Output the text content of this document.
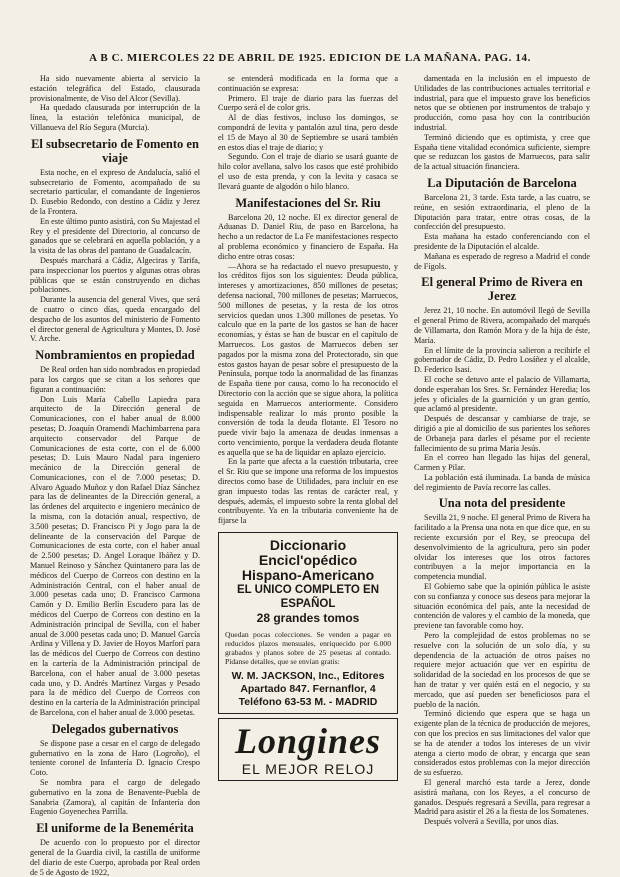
A B C. MIERCOLES 22 DE ABRIL DE 1925. EDICION DE LA MAÑANA. PAG. 14.

Ha sido nuevamente abierta al servicio la estación telegráfica del Estado, clausurada provisionalmente, de Viso del Alcor (Sevilla).

Ha quedado clausurada por interrupción de la línea, la estación telefónica municipal, de Villanueva del Río Segura (Murcia).

El subsecretario de Fomento en viaje

Esta noche, en el expreso de Andalucía, salió el subsecretario de Fomento, acompañado de su secretario particular, el comandante de Ingenieros D. Eusebio Redondo, con destino a Cádiz y Jerez de la Frontera.

En este último punto asistirá, con Su Majestad el Rey y el presidente del Directorio, al concurso de ganados que se celebrará en aquella población, y a la visita de las obras del pantano de Guadalcacín.

Después marchará a Cádiz, Algeciras y Tarifa, para inspeccionar los puertos y algunas otras obras públicas que se están construyendo en dichas poblaciones.

Durante la ausencia del general Vives, que será de cuatro o cinco días, queda encargado del despacho de los asuntos del ministerio de Fomento el director general de Agricultura y Montes, D. José V. Arche.

Nombramientos en propiedad

De Real orden han sido nombrados en propiedad para los cargos que se citan a los señores que figuran a continuación:

Don Luis María Cabello Lapiedra para arquitecto de la Dirección general de Comunicaciones, con el haber anual de 8.000 pesetas; D. Joaquín Oramendi Machimbarrena para arquitecto conservador del Parque de Comunicaciones de esta corte, con el de 6.000 pesetas; D. Luis Mauro Nadal para ingeniero mecánico de la Dirección general de Comunicaciones, con el de 7.000 pesetas; D. Alvaro Aguado Muñoz y don Rafael Díaz Sánchez para las de delineantes de la Dirección general, a las órdenes del arquitecto e ingeniero mecánico de la misma, con la dotación anual, respectivo, de 3.500 pesetas; D. Francisco Pi y Jogo para la de delineante de la conservación del Parque de Comunicaciones de esta corte, con el haber anual de 2.500 pesetas; D. Angel Loraque Ibáñez y D. Manuel Reinoso y Sánchez Quintanero para las de médicos del Cuerpo de Correos con destino en la Administración Central, con el haber anual de 3.000 pesetas cada uno; D. Francisco Carmona Camón y D. Emilio Berlín Escudero para las de médicos del Cuerpo de Correos con destino en la Administración principal de Sevilla, con el haber anual de 3.000 pesetas cada uno; D. Manuel García Ardina y Villena y D. Javier de Hoyos Marforí para las de médicos del Cuerpo de Correos con destino en la cartería de la Administración principal de Barcelona, con el haber anual de 3.000 pesetas cada uno, y D. Andrés Martínez Vargas y Pesado para la de médico del Cuerpo de Correos con destino en la cartería de la Administración principal de Barcelona, con el haber anual de 3.000 pesetas.

Delegados gubernativos

Se dispone pase a cesar en el cargo de delegado gubernativo en la zona de Haro (Logroño), el teniente coronel de Infantería D. Ignacio Crespo Coto.

Se nombra para el cargo de delegado gubernativo en la zona de Benavente-Puebla de Sanabria (Zamora), al capitán de Infantería don Eugenio Goyenechea Parrilla.

El uniforme de la Benemérita

De acuerdo con lo propuesto por el director general de la Guardia civil, la castilla de uniforme del diario de este Cuerpo, aprobada por Real orden de 5 de Agosto de 1922,

se entenderá modificada en la forma que a continuación se expresa:

Primero. El traje de diario para las fuerzas del Cuerpo será el de color gris.

Al de días festivos, incluso los domingos, se compondrá de levita y pantalón azul tina, pero desde el 15 de Mayo al 30 de Septiembre se usará también en estos días el traje de diario; y

Segundo. Con el traje de diario se usará guante de hilo color avellana, salvo los casos que esté prohibido el uso de esta prenda, y con la levita y casaca se llevará guante de algodón o hilo blanco.

Manifestaciones del Sr. Riu

Barcelona 20, 12 noche. El ex director general de Aduanas D. Daniel Riu, de paso en Barcelona, ha hecho a un redactor de La Fe manifestaciones respecto al problema económico y financiero de España. Ha dicho entre otras cosas:

—Ahora se ha redactado el nuevo presupuesto, y los créditos fijos son los siguientes: Deuda pública, intereses y amortizaciones, 850 millones de pesetas; defensa nacional, 700 millones de pesetas; Marruecos, 500 millones de pesetas, y la resta de los otros servicios quedan unos 1.300 millones de pesetas. Yo calculo que en la parte de los gastos se han de hacer economías, y éstas se han de buscar en el capítulo de Marruecos. Los gastos de Marruecos deben ser pagados por la misma zona del Protectorado, sin que estos gastos hayan de pesar sobre el presupuesto de la Península, porque todo la anormalidad de las finanzas de España tiene por causa, como lo ha reconocido el Directorio con la acción que se sigue ahora, la política seguida en Marruecos anteriormente. Considero indispensable realizar lo más pronto posible la conversión de toda la deuda flotante. El Tesoro no puede vivir bajo la amenaza de deudas inmensas a corto vencimiento, porque la verdadera deuda flotante es aquella que se ha de liquidar en aplazo ejercicio.

En la parte que afecta a la cuestión tributaria, cree el Sr. Riu que se impone una reforma de los impuestos directos como base de Utilidades, para incluir en ese gran impuesto todas las rentas de carácter real, y después, además, el impuesto sobre la renta global del contribuyente. Ya en la tributaria conveniente ha de fijarse la

Diccionario Encicl'opédico
Hispano-Americano
EL UNICO COMPLETO EN ESPAÑOL
28 grandes tomos
Quedan pocas colecciones. Se venden a pagar en reducidos plazos mensuales, enriquecido por 6.000 grabados y planos sobre de 25 pesetas al contado. Pídanse detalles, que se envían gratis:
W. M. JACKSON, Inc., Editores
Apartado 847. Fernanflor, 4
Teléfono 63-53 M. - MADRID
Longines
EL MEJOR RELOJ

damentada en la inclusión en el impuesto de Utilidades de las contribuciones actuales territorial e industrial, para que el impuesto grave los beneficios netos que se obtienen por instrumentos de trabajo y producción, como pasa hoy con la contribución industrial.

Terminó diciendo que es optimista, y cree que España tiene vitalidad económica suficiente, siempre que se reduzcan los gastos de Marruecos, para salir de la actual situación financiera.

La Diputación de Barcelona

Barcelona 21, 3 tarde. Esta tarde, a las cuatro, se reúne, en sesión extraordinaria, el pleno de la Diputación para tratar, entre otras cosas, de la confección del presupuesto.

Esta mañana ha estado conferenciando con el presidente de la Diputación el alcalde.

Mañana es esperado de regreso a Madrid el conde de Fígols.

El general Primo de Rivera en Jerez

Jerez 21, 10 noche. En automóvil llegó de Sevilla el general Primo de Rivera, acompañado del marqués de Villamarta, don Ramón Mora y de la hija de éste, María.

En el límite de la provincia salieron a recibirle el gobernador de Cádiz, D. Pedro Losáñez y el alcalde, D. Federico Isasi.

El coche se detuvo ante el palacio de Villamarta, donde esperaban los Sres. Sr. Fernández Heredia; los jefes y oficiales de la guarnición y un gran gentío, que aclamó al presidente.

Después de descansar y cambiarse de traje, se dirigió a pie al domicilio de sus parientes los señores de Orbaneja para darles el pésame por el reciente fallecimiento de su prima María Jesús.

En el correo han llegado las hijas del general, Carmen y Pilar.

La población está iluminada. La banda de música del regimiento de Pavía recorre las calles.

Una nota del presidente

Sevilla 21, 9 noche. El general Primo de Rivera ha facilitado a la Prensa una nota en que dice que, en su reciente excursión por el Rey, se preocupa del desenvolvimiento de la agricultura, pero sin poder olvidar los intereses que los otros factores contribuyen a la mejor importancia en la competencia mundial.

El Gobierno sabe que la opinión pública le asiste con su confianza y conoce sus deseos para mejorar la situación económica del país, ante la necesidad de contención de valores y el cambio de la moneda, que previene tan favorable como hoy.

Pero la complejidad de estos problemas no se resuelve con la solución de un solo día, y su dependencia de la actuación de otros países no requiere mejor actuación que ver en espíritu de solidaridad de la sociedad en los procesos de que se han de tratar y ver quién está en el negocio, y su mercado, que así pueden ser beneficiosos para el pueblo de la nación.

Terminó diciendo que espera que se haga un exigente plan de la técnica de producción de mejores, con que los precios en sus limitaciones del valor que se ha de atender a todos los intereses de un vivir atenga a cierto modo de obrar, y encarga que sean considerados estos problemas con la mejor dirección de su esfuerzo.

El general marchó esta tarde a Jerez, donde asistirá mañana, con los Reyes, a el concurso de ganados. Después regresará a Sevilla, para regresar a Madrid para asistir el 26 a la fiesta de los Somatenes.

Después volverá a Sevilla, por unos días.
